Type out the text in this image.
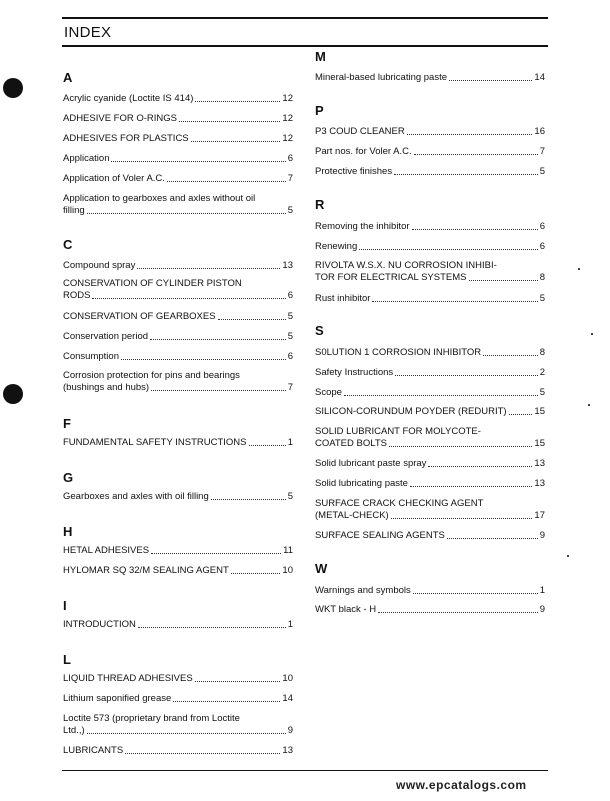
INDEX
A
Acrylic cyanide (Loctite IS 414)	12
ADHESIVE FOR O-RINGS	12
ADHESIVES FOR PLASTICS	12
Application	6
Application of Voler A.C.	7
Application to gearboxes and axles without oil
filling	5
C
Compound spray	13
CONSERVATION OF CYLINDER PISTON
RODS	6
CONSERVATION OF GEARBOXES	5
Conservation period	5
Consumption	6
Corrosion protection for pins and bearings
(bushings and hubs)	7
F
FUNDAMENTAL SAFETY INSTRUCTIONS	1
G
Gearboxes and axles with oil filling	5
H
HETAL ADHESIVES	11
HYLOMAR SQ 32/M SEALING AGENT	10
I
INTRODUCTION	1
L
LIQUID THREAD ADHESIVES	10
Lithium saponified grease	14
Loctite 573 (proprietary brand from Loctite
Ltd.,)	9
LUBRICANTS	13
M
Mineral-based lubricating paste	14
P
P3 COUD CLEANER	16
Part nos. for Voler A.C.	7
Protective finishes	5
R
Removing the inhibitor	6
Renewing	6
RIVOLTA W.S.X. NU CORROSION INHIBI-
TOR FOR ELECTRICAL SYSTEMS	8
Rust inhibitor	5
S
S0LUTION 1 CORROSION INHIBITOR	8
Safety Instructions	2
Scope	5
SILICON-CORUNDUM POYDER (REDURIT)	15
SOLID LUBRICANT FOR MOLYCOTE-
COATED BOLTS	15
Solid lubricant paste spray	13
Solid lubricating paste	13
SURFACE CRACK CHECKING AGENT
(METAL-CHECK)	17
SURFACE SEALING AGENTS	9
W
Warnings and symbols	1
WKT black - H	9
www.epcatalogs.com
